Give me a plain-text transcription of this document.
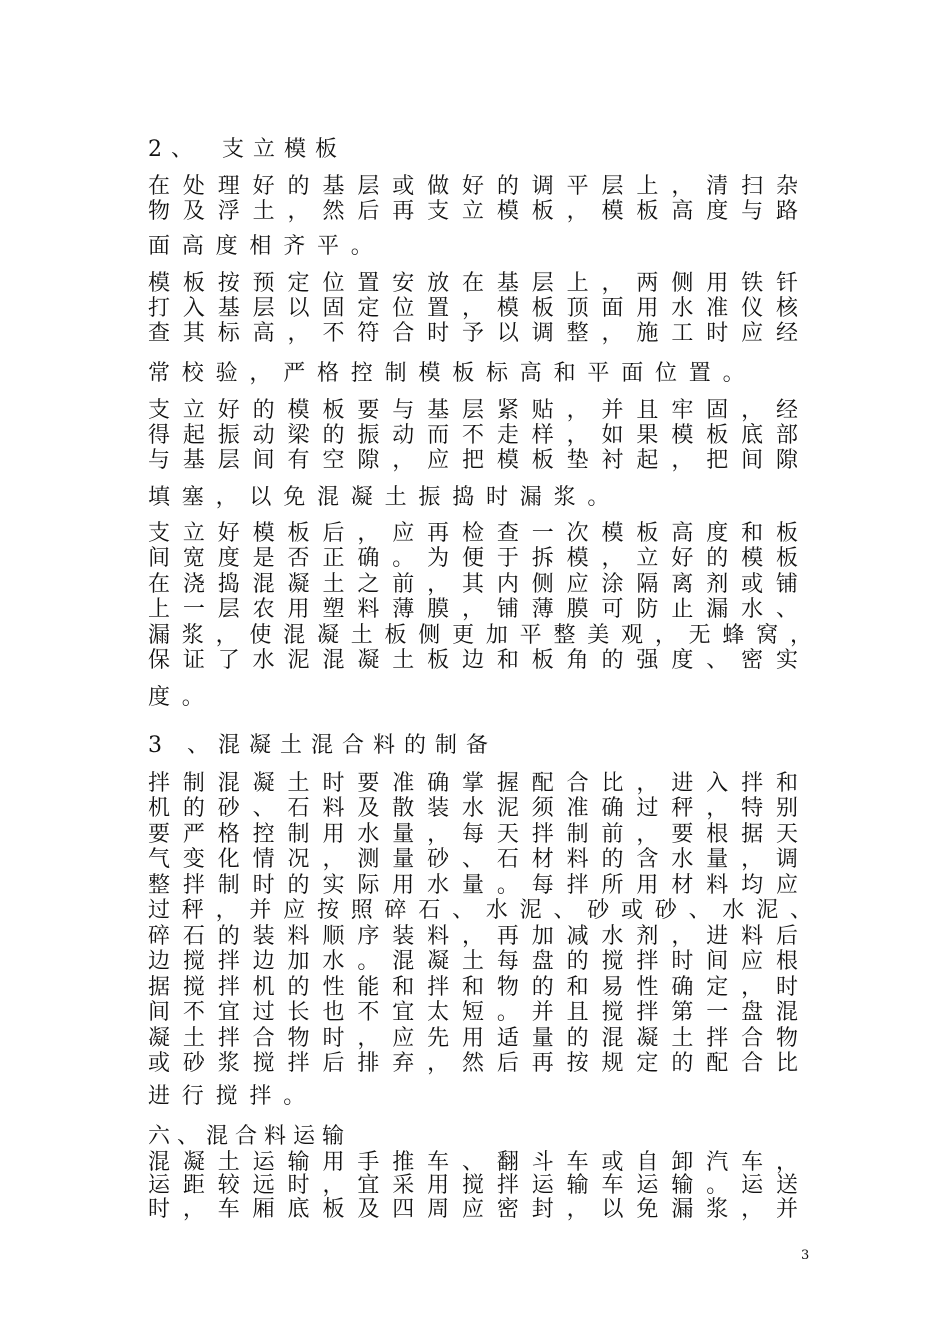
2、　支立模板
在处理好的基层或做好的调平层上，清扫杂
物及浮土，然后再支立模板，模板高度与路
面高度相齐平。
模板按预定位置安放在基层上，两侧用铁钎
打入基层以固定位置，模板顶面用水准仪核
查其标高，不符合时予以调整，施工时应经
常校验，严格控制模板标高和平面位置。
支立好的模板要与基层紧贴，并且牢固，经
得起振动梁的振动而不走样，如果模板底部
与基层间有空隙，应把模板垫衬起，把间隙
填塞，以免混凝土振捣时漏浆。
支立好模板后，应再检查一次模板高度和板
间宽度是否正确。为便于拆模，立好的模板
在浇捣混凝土之前，其内侧应涂隔离剂或铺
上一层农用塑料薄膜，铺薄膜可防止漏水、
漏浆，使混凝土板侧更加平整美观，无蜂窝，
保证了水泥混凝土板边和板角的强度、密实
度。
3 、混凝土混合料的制备
拌制混凝土时要准确掌握配合比，进入拌和
机的砂、石料及散装水泥须准确过秤，特别
要严格控制用水量，每天拌制前，要根据天
气变化情况，测量砂、石材料的含水量，调
整拌制时的实际用水量。每拌所用材料均应
过秤，并应按照碎石、水泥、砂或砂、水泥、
碎石的装料顺序装料，再加减水剂，进料后
边搅拌边加水。混凝土每盘的搅拌时间应根
据搅拌机的性能和拌和物的和易性确定，时
间不宜过长也不宜太短。并且搅拌第一盘混
凝土拌合物时，应先用适量的混凝土拌合物
或砂浆搅拌后排弃，然后再按规定的配合比
进行搅拌。
六、混合料运输
混凝土运输用手推车、翻斗车或自卸汽车，
运距较远时，宜采用搅拌运输车运输。运送
时，车厢底板及四周应密封，以免漏浆，并
3
